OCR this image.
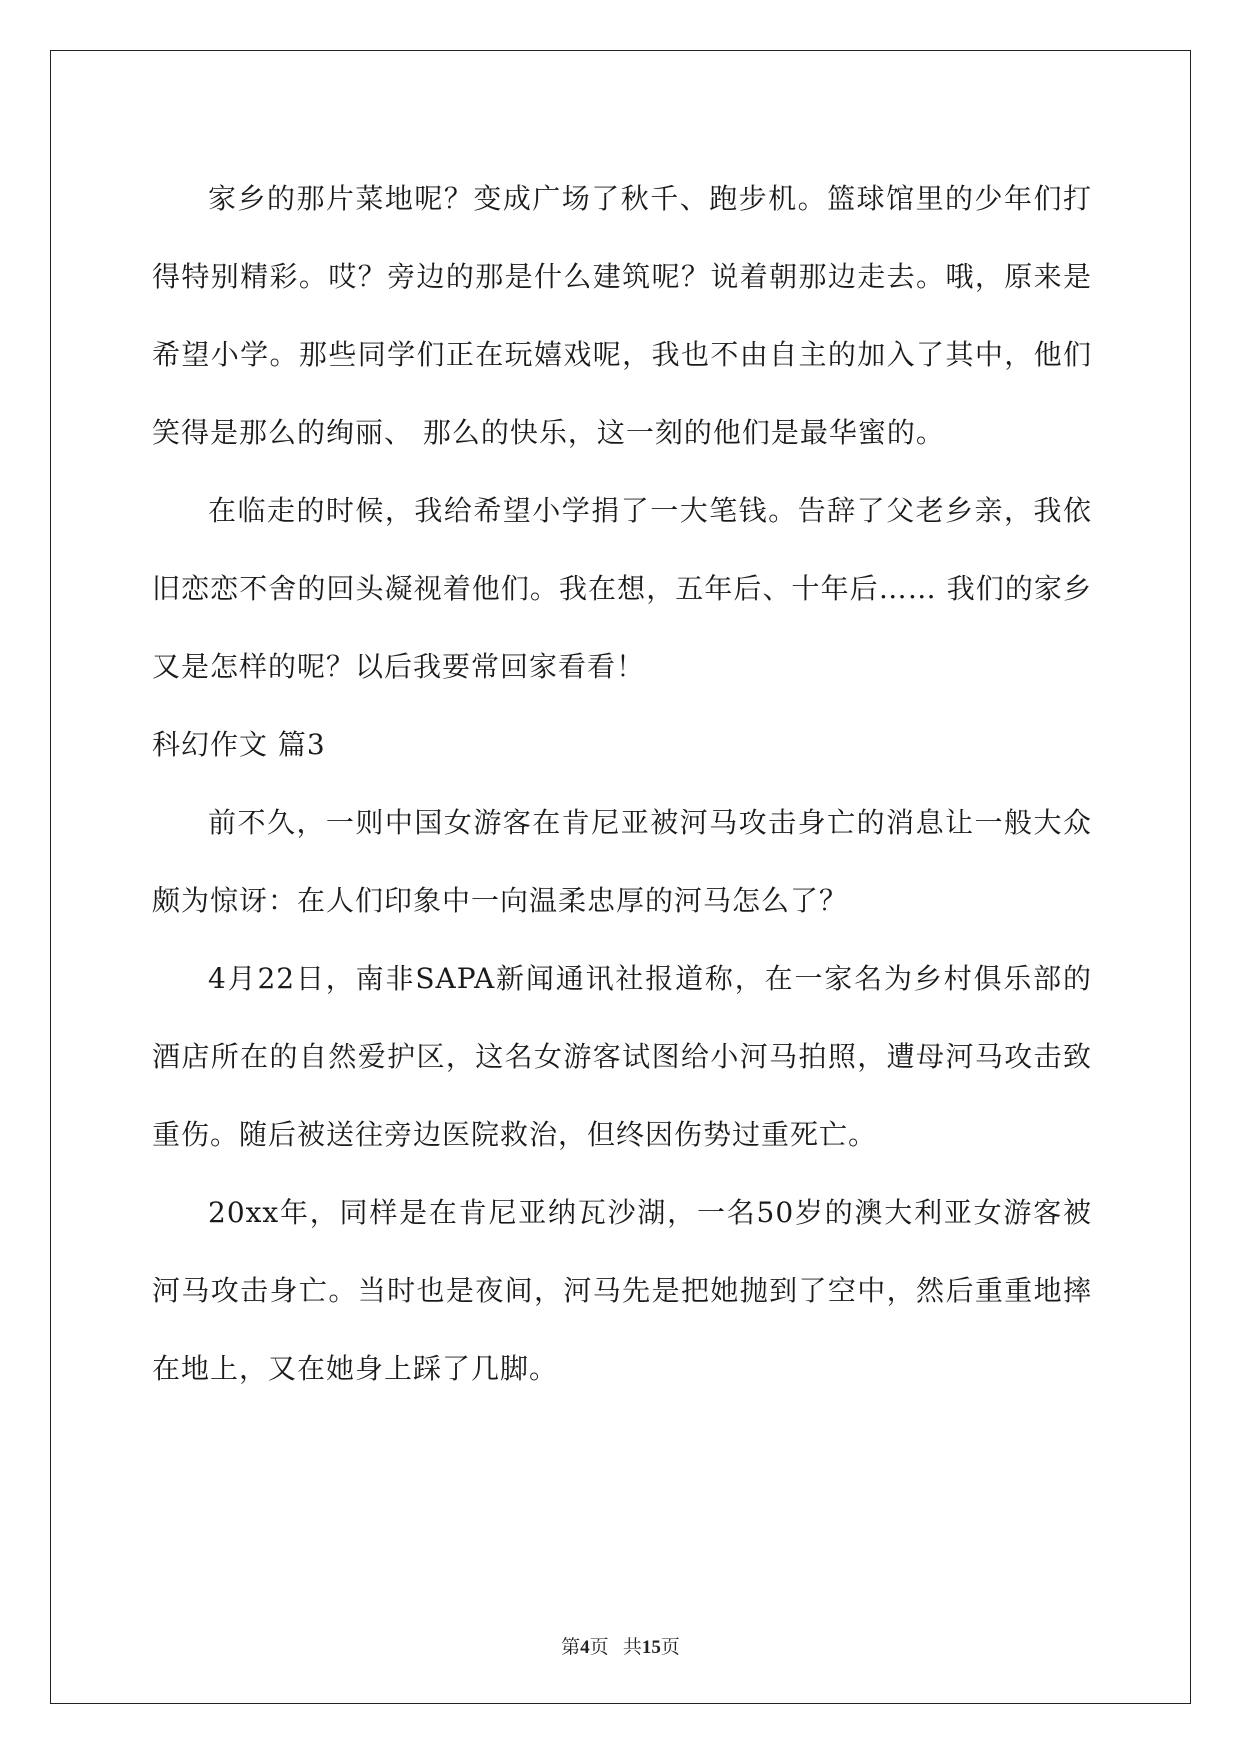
家乡的那片菜地呢？变成广场了秋千、跑步机。篮球馆里的少年们打得特别精彩。哎？旁边的那是什么建筑呢？说着朝那边走去。哦，原来是希望小学。那些同学们正在玩嬉戏呢，我也不由自主的加入了其中，他们笑得是那么的绚丽、 那么的快乐，这一刻的他们是最华蜜的。

在临走的时候，我给希望小学捐了一大笔钱。告辞了父老乡亲，我依旧恋恋不舍的回头凝视着他们。我在想，五年后、十年后…… 我们的家乡又是怎样的呢？以后我要常回家看看！

科幻作文 篇3

前不久，一则中国女游客在肯尼亚被河马攻击身亡的消息让一般大众颇为惊讶：在人们印象中一向温柔忠厚的河马怎么了？

4月22日，南非SAPA新闻通讯社报道称，在一家名为乡村俱乐部的酒店所在的自然爱护区，这名女游客试图给小河马拍照，遭母河马攻击致重伤。随后被送往旁边医院救治，但终因伤势过重死亡。

20xx年，同样是在肯尼亚纳瓦沙湖，一名50岁的澳大利亚女游客被河马攻击身亡。当时也是夜间，河马先是把她抛到了空中，然后重重地摔在地上，又在她身上踩了几脚。

第4页 共15页
